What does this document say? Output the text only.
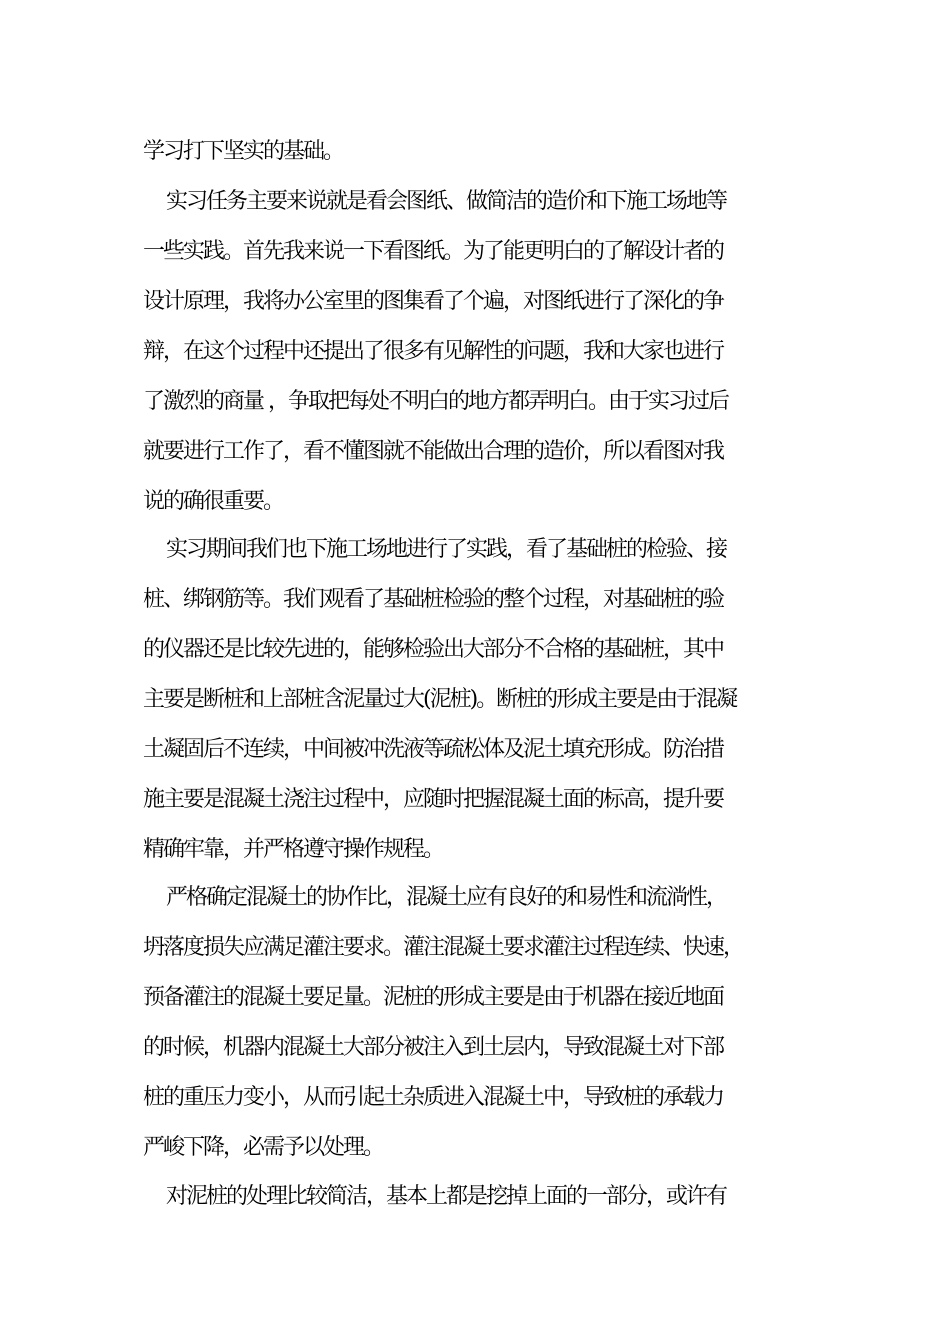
学习打下坚实的基础。
实习任务主要来说就是看会图纸、做简洁的造价和下施工场地等
一些实践。首先我来说一下看图纸。为了能更明白的了解设计者的
设计原理，我将办公室里的图集看了个遍，对图纸进行了深化的争
辩，在这个过程中还提出了很多有见解性的问题，我和大家也进行
了激烈的商量 ，争取把每处不明白的地方都弄明白。由于实习过后
就要进行工作了，看不懂图就不能做出合理的造价，所以看图对我
说的确很重要。
实习期间我们也下施工场地进行了实践，看了基础桩的检验、接
桩、绑钢筋等。我们观看了基础桩检验的整个过程，对基础桩的验
的仪器还是比较先进的，能够检验出大部分不合格的基础桩，其中
主要是断桩和上部桩含泥量过大(泥桩)。断桩的形成主要是由于混凝
土凝固后不连续，中间被冲洗液等疏松体及泥土填充形成。防治措
施主要是混凝土浇注过程中，应随时把握混凝土面的标高，提升要
精确牢靠，并严格遵守操作规程。
严格确定混凝土的协作比，混凝土应有良好的和易性和流淌性，
坍落度损失应满足灌注要求。灌注混凝土要求灌注过程连续、快速，
预备灌注的混凝土要足量。泥桩的形成主要是由于机器在接近地面
的时候，机器内混凝土大部分被注入到土层内，导致混凝土对下部
桩的重压力变小，从而引起土杂质进入混凝土中，导致桩的承载力
严峻下降，必需予以处理。
对泥桩的处理比较简洁，基本上都是挖掉上面的一部分，或许有
